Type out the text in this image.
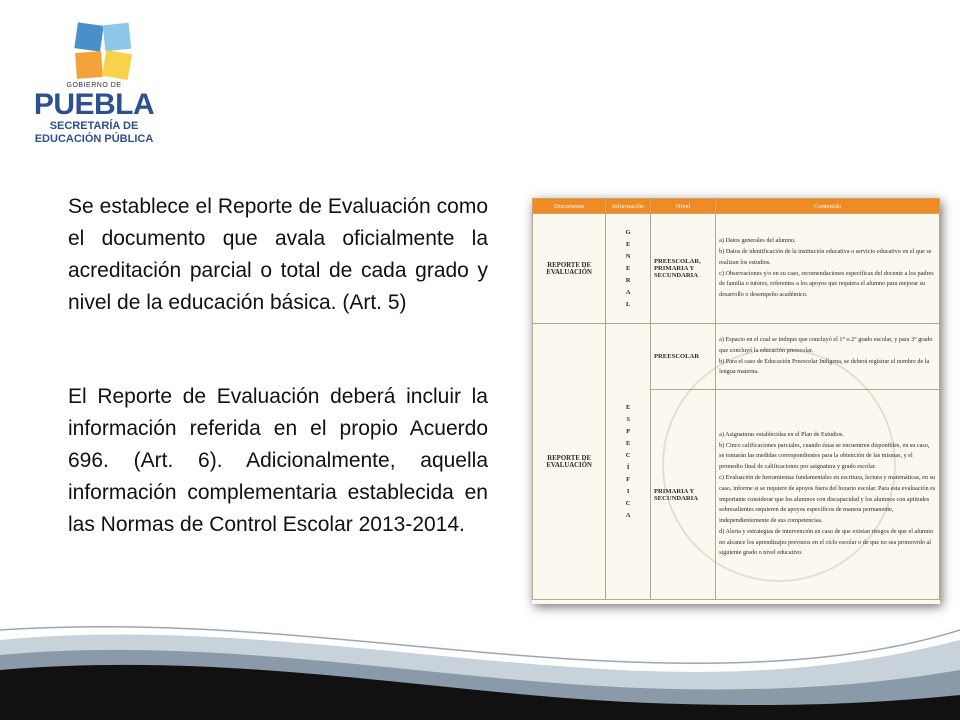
GOBIERNO DE
PUEBLA
SECRETARÍA DE
EDUCACIÓN PÚBLICA

Se establece el Reporte de Evaluación como el documento que avala oficialmente la acreditación parcial o total de cada grado y nivel de la educación básica. (Art. 5)

El Reporte de Evaluación deberá incluir la información referida en el propio Acuerdo 696. (Art. 6). Adicionalmente, aquella información complementaria establecida en las Normas de Control Escolar 2013-2014.

Documento	Información	Nivel	Contenido
REPORTE DE EVALUACIÓN	G E N E R A L	PREESCOLAR, PRIMARIA Y SECUNDARIA	a) Datos generales del alumno.
b) Datos de identificación de la institución educativa o servicio educativo en el que se realizan los estudios.
c) Observaciones y/o en su caso, recomendaciones específicas del docente a los padres de familia o tutores, referentes a los apoyos que requiera el alumno para mejorar su desarrollo o desempeño académico.

REPORTE DE EVALUACIÓN	E S P E C Í F I C A	PREESCOLAR	a) Espacio en el cual se indique que concluyó el 1° o 2° grado escolar, y para 3° grado que concluyó la educación preescolar.
b) Para el caso de Educación Preescolar Indígena, se deberá registrar el nombre de la lengua materna.

		PRIMARIA Y SECUNDARIA	a) Asignaturas establecidas en el Plan de Estudios.
b) Cinco calificaciones parciales, cuando éstas se encuentren disponibles, en su caso, se tomarán las medidas correspondientes para la obtención de las mismas, y el promedio final de calificaciones por asignatura y grado escolar.
c) Evaluación de herramientas fundamentales en escritura, lectura y matemáticas, en su caso, informe si se requiere de apoyos fuera del horario escolar. Para esta evaluación es importante considerar que los alumnos con discapacidad y los alumnos con aptitudes sobresalientes requieren de apoyos específicos de manera permanente, independientemente de sus competencias.
d) Alerta y estrategias de intervención en caso de que existan riesgos de que el alumno no alcance los aprendizajes previstos en el ciclo escolar o de que no sea promovido al siguiente grado o nivel educativo.
